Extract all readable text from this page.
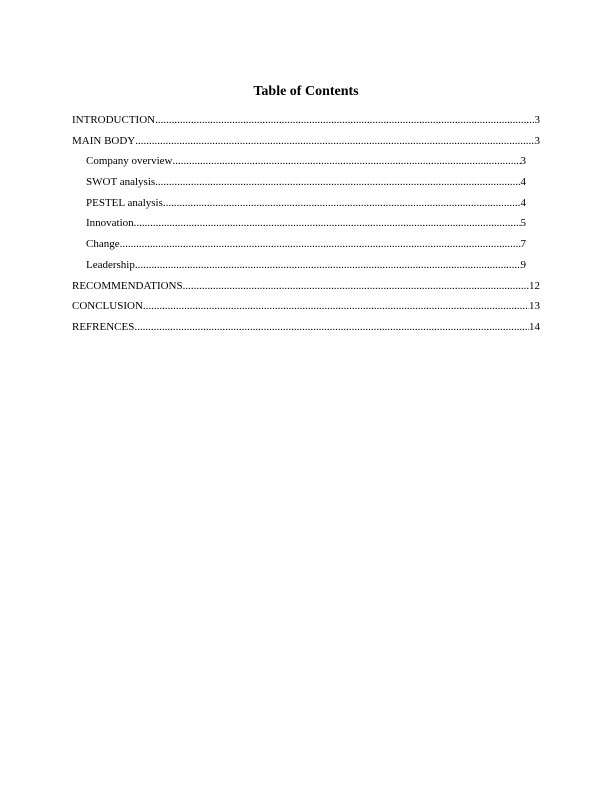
Table of Contents
INTRODUCTION .....	3
MAIN BODY .....	3
Company overview .....	3
SWOT analysis .....	4
PESTEL analysis .....	4
Innovation .....	5
Change .....	7
Leadership .....	9
RECOMMENDATIONS .....	12
CONCLUSION .....	13
REFRENCES .....	14
